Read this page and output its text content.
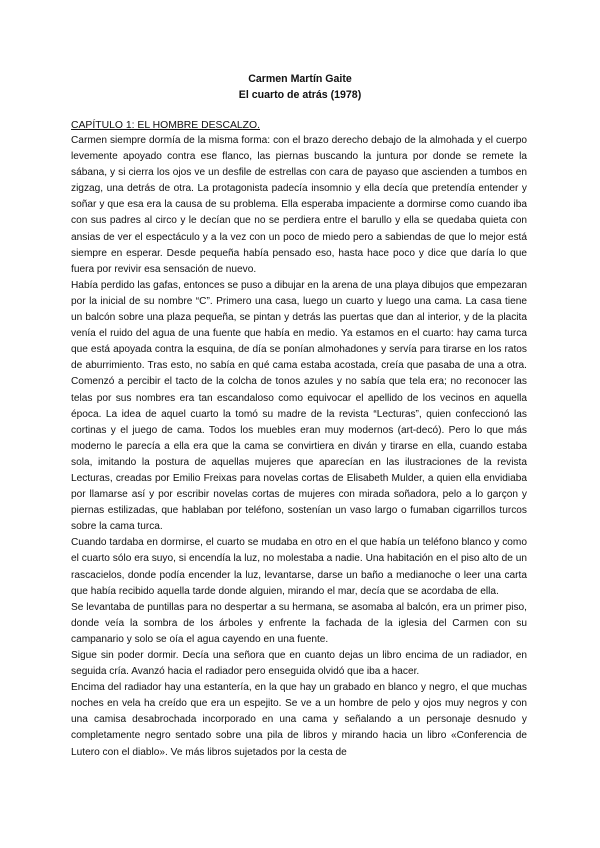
Carmen Martín Gaite
El cuarto de atrás (1978)
CAPÍTULO 1: EL HOMBRE DESCALZO.

Carmen siempre dormía de la misma forma: con el brazo derecho debajo de la almohada y el cuerpo levemente apoyado contra ese flanco, las piernas buscando la juntura por donde se remete la sábana, y si cierra los ojos ve un desfile de estrellas con cara de payaso que ascienden a tumbos en zigzag, una detrás de otra. La protagonista padecía insomnio y ella decía que pretendía entender y soñar y que esa era la causa de su problema. Ella esperaba impaciente a dormirse como cuando iba con sus padres al circo y le decían que no se perdiera entre el barullo y ella se quedaba quieta con ansias de ver el espectáculo y a la vez con un poco de miedo pero a sabiendas de que lo mejor está siempre en esperar. Desde pequeña había pensado eso, hasta hace poco y dice que daría lo que fuera por revivir esa sensación de nuevo.

Había perdido las gafas, entonces se puso a dibujar en la arena de una playa dibujos que empezaran por la inicial de su nombre “C”. Primero una casa, luego un cuarto y luego una cama. La casa tiene un balcón sobre una plaza pequeña, se pintan y detrás las puertas que dan al interior, y de la placita venía el ruido del agua de una fuente que había en medio. Ya estamos en el cuarto: hay cama turca que está apoyada contra la esquina, de día se ponían almohadones y servía para tirarse en los ratos de aburrimiento. Tras esto, no sabía en qué cama estaba acostada, creía que pasaba de una a otra. Comenzó a percibir el tacto de la colcha de tonos azules y no sabía que tela era; no reconocer las telas por sus nombres era tan escandaloso como equivocar el apellido de los vecinos en aquella época. La idea de aquel cuarto la tomó su madre de la revista “Lecturas”, quien confeccionó las cortinas y el juego de cama. Todos los muebles eran muy modernos (art-decó). Pero lo que más moderno le parecía a ella era que la cama se convirtiera en diván y tirarse en ella, cuando estaba sola, imitando la postura de aquellas mujeres que aparecían en las ilustraciones de la revista Lecturas, creadas por Emilio Freixas para novelas cortas de Elisabeth Mulder, a quien ella envidiaba por llamarse así y por escribir novelas cortas de mujeres con mirada soñadora, pelo a lo garçon y piernas estilizadas, que hablaban por teléfono, sostenían un vaso largo o fumaban cigarrillos turcos sobre la cama turca.

Cuando tardaba en dormirse, el cuarto se mudaba en otro en el que había un teléfono blanco y como el cuarto sólo era suyo, si encendía la luz, no molestaba a nadie. Una habitación en el piso alto de un rascacielos, donde podía encender la luz, levantarse, darse un baño a medianoche o leer una carta que había recibido aquella tarde donde alguien, mirando el mar, decía que se acordaba de ella.

Se levantaba de puntillas para no despertar a su hermana, se asomaba al balcón, era un primer piso, donde veía la sombra de los árboles y enfrente la fachada de la iglesia del Carmen con su campanario y solo se oía el agua cayendo en una fuente.

Sigue sin poder dormir. Decía una señora que en cuanto dejas un libro encima de un radiador, en seguida cría. Avanzó hacia el radiador pero enseguida olvidó que iba a hacer.

Encima del radiador hay una estantería, en la que hay un grabado en blanco y negro, el que muchas noches en vela ha creído que era un espejito. Se ve a un hombre de pelo y ojos muy negros y con una camisa desabrochada incorporado en una cama y señalando a un personaje desnudo y completamente negro sentado sobre una pila de libros y mirando hacia un libro «Conferencia de Lutero con el diablo». Ve más libros sujetados por la cesta de
